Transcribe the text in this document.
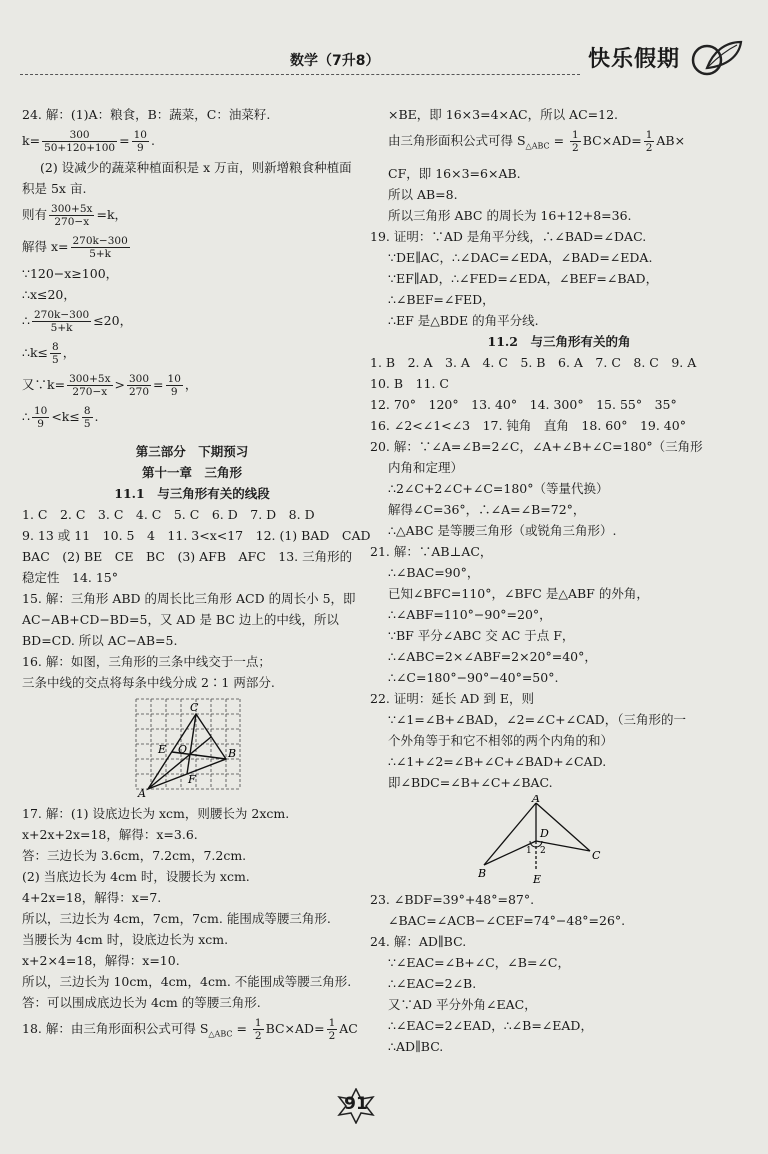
数学（7升8）	快乐假期
24. 解：(1)A：粮食，B：蔬菜，C：油菜籽.
$k= \frac{300}{50+120+100} = \frac{10}{9}$ .
(2) 设减少的蔬菜种植面积是 x 万亩，则新增粮食种植面
积是 5x 亩.
则有 $\frac{300+5x}{270-x} =k$，
解得 $x= \frac{270k-300}{5+k}$
∵120−x≥100，
∴x≤20，
∴ $\frac{270k-300}{5+k} \le 20$，
∴k≤ $\frac{8}{5}$ ，
又∵k= $\frac{300+5x}{270-x} > \frac{300}{270} = \frac{10}{9}$ ，
∴ $\frac{10}{9} <k\le \frac{8}{5}$ .
第三部分　下期预习
第十一章　三角形
11.1　与三角形有关的线段
1. C　2. C　3. C　4. C　5. C　6. D　7. D　8. D
9. 13 或 11　10. 5　4　11. 3<x<17　12. (1) BAD　CAD
BAC　(2) BE　CE　BC　(3) AFB　AFC　13. 三角形的
稳定性　14. 15°
15. 解：三角形 ABD 的周长比三角形 ACD 的周长小 5，即
AC−AB+CD−BD=5，又 AD 是 BC 边上的中线，所以
BD=CD. 所以 AC−AB=5.
16. 解：如图，三角形的三条中线交于一点；
三条中线的交点将每条中线分成 2∶1 两部分.
A
B
C
E O
F
17. 解：(1) 设底边长为 xcm，则腰长为 2xcm.
x+2x+2x=18，解得：x=3.6.
答：三边长为 3.6cm，7.2cm，7.2cm.
(2) 当底边长为 4cm 时，设腰长为 xcm.
4+2x=18，解得：x=7.
所以，三边长为 4cm，7cm，7cm. 能围成等腰三角形.
当腰长为 4cm 时，设底边长为 xcm.
x+2×4=18，解得：x=10.
所以，三边长为 10cm，4cm，4cm. 不能围成等腰三角形.
答：可以围成底边长为 4cm 的等腰三角形.
18. 解：由三角形面积公式可得 $S_{\triangle ABC} = \frac{1}{2} BC\times AD= \frac{1}{2}$ AC
×BE，即 16×3=4×AC，所以 AC=12.
由三角形面积公式可得 $S_{\triangle ABC} = \frac{1}{2} BC\times AD= \frac{1}{2} AB\times$
CF，即 16×3=6×AB.
所以 AB=8.
所以三角形 ABC 的周长为 16+12+8=36.
19. 证明：∵AD 是角平分线，∴∠BAD=∠DAC.
∵DE∥AC，∴∠DAC=∠EDA，∠BAD=∠EDA.
∵EF∥AD，∴∠FED=∠EDA，∠BEF=∠BAD，
∴∠BEF=∠FED，
∴EF 是△BDE 的角平分线.
11.2　与三角形有关的角
1. B　2. A　3. A　4. C　5. B　6. A　7. C　8. C　9. A
10. B　11. C
12. 70°　120°　13. 40°　14. 300°　15. 55°　35°
16. ∠2<∠1<∠3　17. 钝角　直角　18. 60°　19. 40°
20. 解：∵∠A=∠B=2∠C，∠A+∠B+∠C=180°（三角形
内角和定理）
∴2∠C+2∠C+∠C=180°（等量代换）
解得∠C=36°，∴∠A=∠B=72°，
∴△ABC 是等腰三角形（或锐角三角形）.
21. 解：∵AB⊥AC，
∴∠BAC=90°，
已知∠BFC=110°，∠BFC 是△ABF 的外角，
∴∠ABF=110°−90°=20°，
∵BF 平分∠ABC 交 AC 于点 F，
∴∠ABC=2×∠ABF=2×20°=40°，
∴∠C=180°−90°−40°=50°.
22. 证明：延长 AD 到 E，则
∵∠1=∠B+∠BAD，∠2=∠C+∠CAD，（三角形的一
个外角等于和它不相邻的两个内角的和）
∴∠1+∠2=∠B+∠C+∠BAD+∠CAD.
即∠BDC=∠B+∠C+∠BAC.
A
B
C
D
E
1 2
23. ∠BDF=39°+48°=87°.
∠BAC=∠ACB−∠CEF=74°−48°=26°.
24. 解：AD∥BC.
∵∠EAC=∠B+∠C，∠B=∠C，
∴∠EAC=2∠B.
又∵AD 平分外角∠EAC，
∴∠EAC=2∠EAD，∴∠B=∠EAD，
∴AD∥BC.
91
